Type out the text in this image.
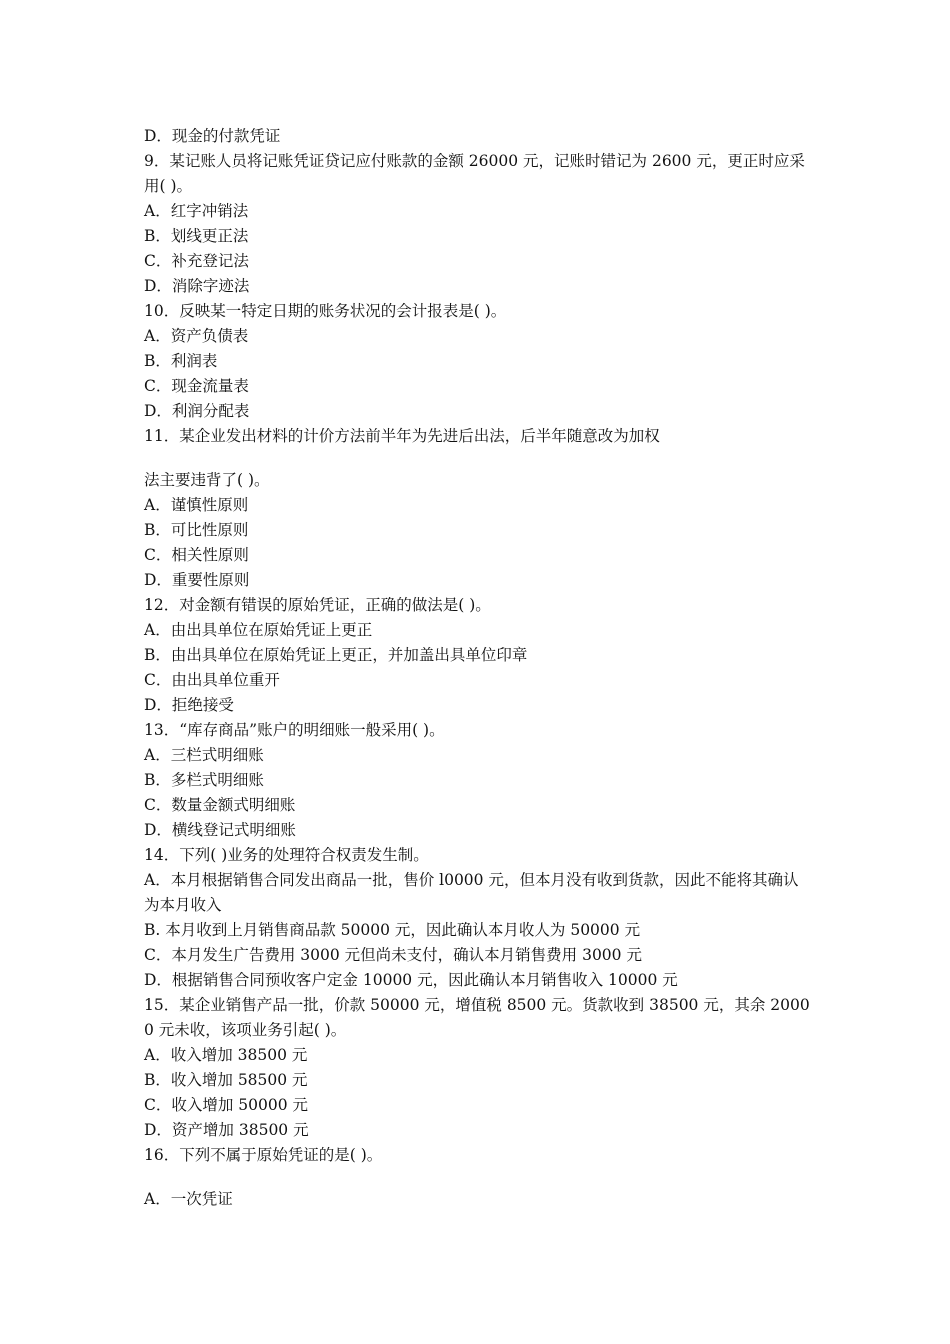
D．现金的付款凭证

9．某记账人员将记账凭证贷记应付账款的金额 26000 元，记账时错记为 2600 元，更正时应采用( )。

A．红字冲销法

B．划线更正法

C．补充登记法

D．消除字迹法

10．反映某一特定日期的账务状况的会计报表是( )。

A．资产负债表

B．利润表

C．现金流量表

D．利润分配表

11．某企业发出材料的计价方法前半年为先进后出法，后半年随意改为加权

法主要违背了( )。

A．谨慎性原则

B．可比性原则

C．相关性原则

D．重要性原则

12．对金额有错误的原始凭证，正确的做法是( )。

A．由出具单位在原始凭证上更正

B．由出具单位在原始凭证上更正，并加盖出具单位印章

C．由出具单位重开

D．拒绝接受

13．“库存商品”账户的明细账一般采用( )。

A．三栏式明细账

B．多栏式明细账

C．数量金额式明细账

D．横线登记式明细账

14．下列( )业务的处理符合权责发生制。

A．本月根据销售合同发出商品一批，售价 l0000 元，但本月没有收到货款，因此不能将其确认为本月收入

B. 本月收到上月销售商品款 50000 元，因此确认本月收人为 50000 元

C．本月发生广告费用 3000 元但尚未支付，确认本月销售费用 3000 元

D．根据销售合同预收客户定金 10000 元，因此确认本月销售收入 10000 元

15．某企业销售产品一批，价款 50000 元，增值税 8500 元。货款收到 38500 元，其余 20000 元未收，该项业务引起( )。

A．收入增加 38500 元

B．收入增加 58500 元

C．收入增加 50000 元

D．资产增加 38500 元

16．下列不属于原始凭证的是( )。

A．一次凭证
